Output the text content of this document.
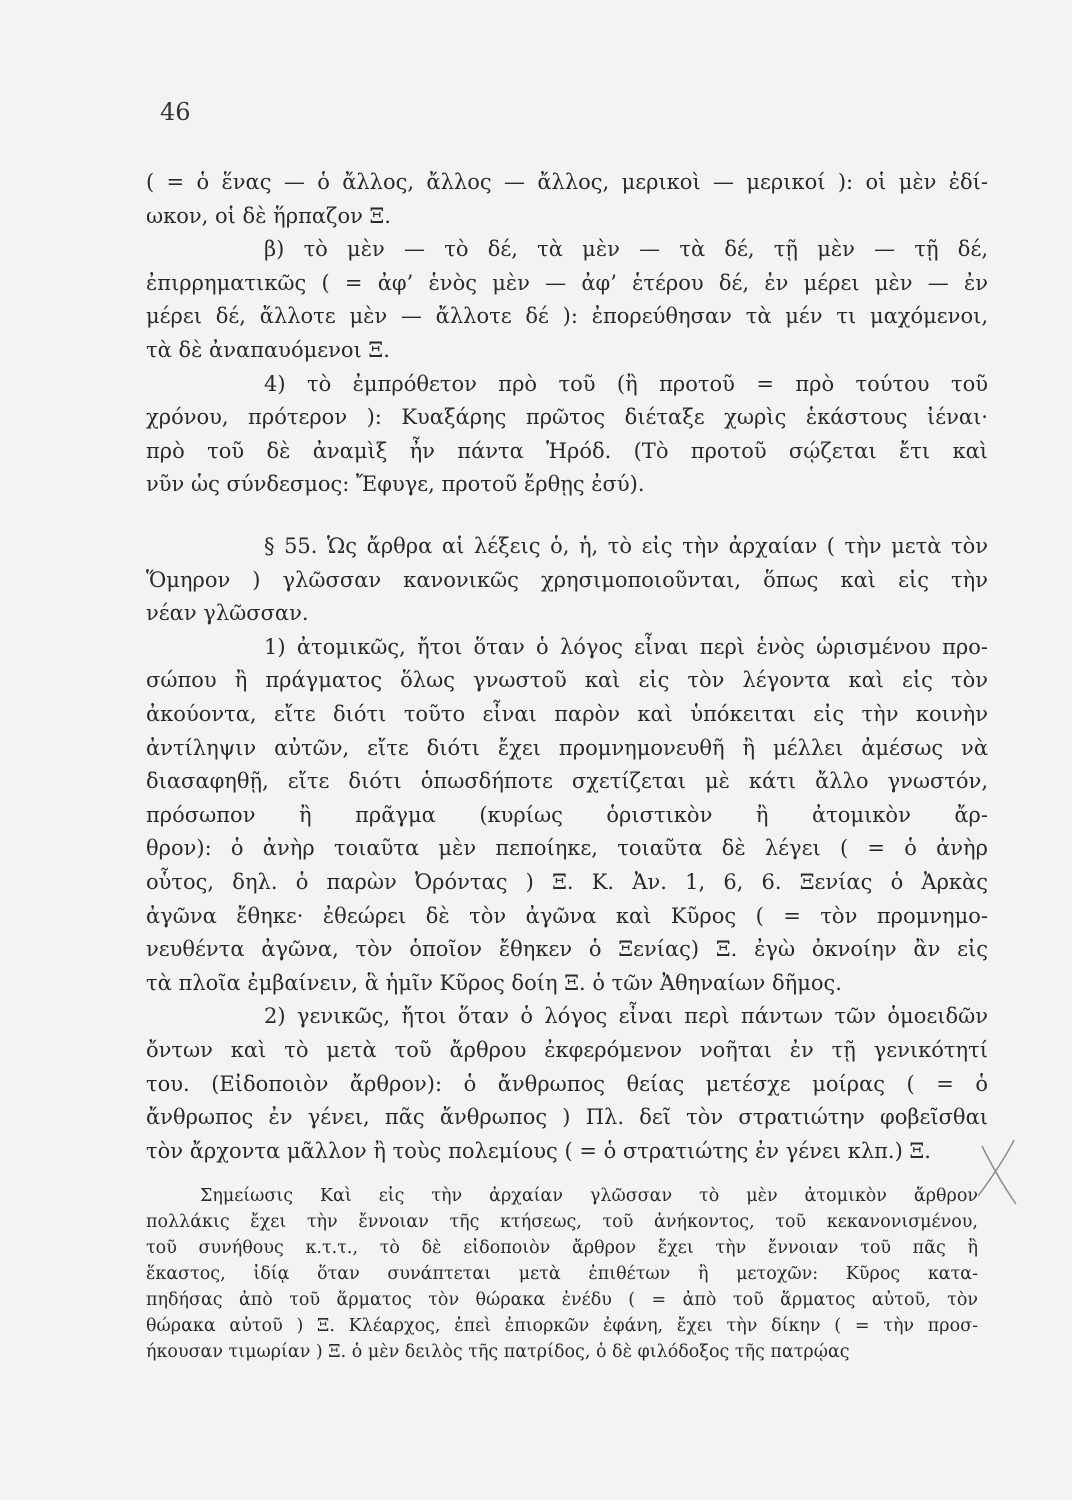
46
( = ὁ ἕνας — ὁ ἄλλος, ἄλλος — ἄλλος, μερικοὶ — μερικοί ): οἱ μὲν ἐδί-
ωκον, οἱ δὲ ἥρπαζον Ξ.
β) τὸ μὲν — τὸ δέ, τὰ μὲν — τὰ δέ, τῇ μὲν — τῇ δέ,
ἐπιρρηματικῶς ( = ἀφ’ ἑνὸς μὲν — ἀφ’ ἑτέρου δέ, ἐν μέρει μὲν — ἐν
μέρει δέ, ἄλλοτε μὲν — ἄλλοτε δέ ): ἐπορεύθησαν τὰ μέν τι μαχόμενοι,
τὰ δὲ ἀναπαυόμενοι Ξ.
4) τὸ ἐμπρόθετον πρὸ τοῦ (ἢ προτοῦ = πρὸ τούτου τοῦ
χρόνου, πρότερον ): Κυαξάρης πρῶτος διέταξε χωρὶς ἑκάστους ἰέναι·
πρὸ τοῦ δὲ ἀναμὶξ ἦν πάντα Ἡρόδ. (Τὸ προτοῦ σῴζεται ἔτι καὶ
νῦν ὡς σύνδεσμος: Ἔφυγε, προτοῦ ἔρθῃς ἐσύ).
§ 55. Ὡς ἄρθρα αἱ λέξεις ὁ, ἡ, τὸ εἰς τὴν ἀρχαίαν ( τὴν μετὰ τὸν
Ὅμηρον ) γλῶσσαν κανονικῶς χρησιμοποιοῦνται, ὅπως καὶ εἰς τὴν
νέαν γλῶσσαν.
1) ἀτομικῶς, ἤτοι ὅταν ὁ λόγος εἶναι περὶ ἑνὸς ὡρισμένου προ-
σώπου ἢ πράγματος ὅλως γνωστοῦ καὶ εἰς τὸν λέγοντα καὶ εἰς τὸν
ἀκούοντα, εἴτε διότι τοῦτο εἶναι παρὸν καὶ ὑπόκειται εἰς τὴν κοινὴν
ἀντίληψιν αὐτῶν, εἴτε διότι ἔχει προμνημονευθῆ ἢ μέλλει ἀμέσως νὰ
διασαφηθῇ, εἴτε διότι ὁπωσδήποτε σχετίζεται μὲ κάτι ἄλλο γνωστόν,
πρόσωπον ἢ πρᾶγμα (κυρίως ὁριστικὸν ἢ ἀτομικὸν ἄρ-
θρον): ὁ ἀνὴρ τοιαῦτα μὲν πεποίηκε, τοιαῦτα δὲ λέγει ( = ὁ ἀνὴρ
οὗτος, δηλ. ὁ παρὼν Ὀρόντας ) Ξ. Κ. Ἀν. 1, 6, 6. Ξενίας ὁ Ἀρκὰς
ἀγῶνα ἔθηκε· ἐθεώρει δὲ τὸν ἀγῶνα καὶ Κῦρος ( = τὸν προμνημο-
νευθέντα ἀγῶνα, τὸν ὁποῖον ἔθηκεν ὁ Ξενίας) Ξ. ἐγὼ ὀκνοίην ἂν εἰς
τὰ πλοῖα ἐμβαίνειν, ἃ ἡμῖν Κῦρος δοίη Ξ. ὁ τῶν Ἀθηναίων δῆμος.
2) γενικῶς, ἤτοι ὅταν ὁ λόγος εἶναι περὶ πάντων τῶν ὁμοειδῶν
ὄντων καὶ τὸ μετὰ τοῦ ἄρθρου ἐκφερόμενον νοῆται ἐν τῇ γενικότητί
του. (Εἰδοποιὸν ἄρθρον): ὁ ἄνθρωπος θείας μετέσχε μοίρας ( = ὁ
ἄνθρωπος ἐν γένει, πᾶς ἄνθρωπος ) Πλ. δεῖ τὸν στρατιώτην φοβεῖσθαι
τὸν ἄρχοντα μᾶλλον ἢ τοὺς πολεμίους ( = ὁ στρατιώτης ἐν γένει κλπ.) Ξ.
Σημείωσις Καὶ εἰς τὴν ἀρχαίαν γλῶσσαν τὸ μὲν ἀτομικὸν ἄρθρον
πολλάκις ἔχει τὴν ἔννοιαν τῆς κτήσεως, τοῦ ἀνήκοντος, τοῦ κεκανονισμένου,
τοῦ συνήθους κ.τ.τ., τὸ δὲ εἰδοποιὸν ἄρθρον ἔχει τὴν ἔννοιαν τοῦ πᾶς ἢ
ἕκαστος, ἰδίᾳ ὅταν συνάπτεται μετὰ ἐπιθέτων ἢ μετοχῶν: Κῦρος κατα-
πηδήσας ἀπὸ τοῦ ἅρματος τὸν θώρακα ἐνέδυ ( = ἀπὸ τοῦ ἅρματος αὐτοῦ, τὸν
θώρακα αὐτοῦ ) Ξ. Κλέαρχος, ἐπεὶ ἐπιορκῶν ἐφάνη, ἔχει τὴν δίκην ( = τὴν προσ-
ήκουσαν τιμωρίαν ) Ξ. ὁ μὲν δειλὸς τῆς πατρίδος, ὁ δὲ φιλόδοξος τῆς πατρῴας
